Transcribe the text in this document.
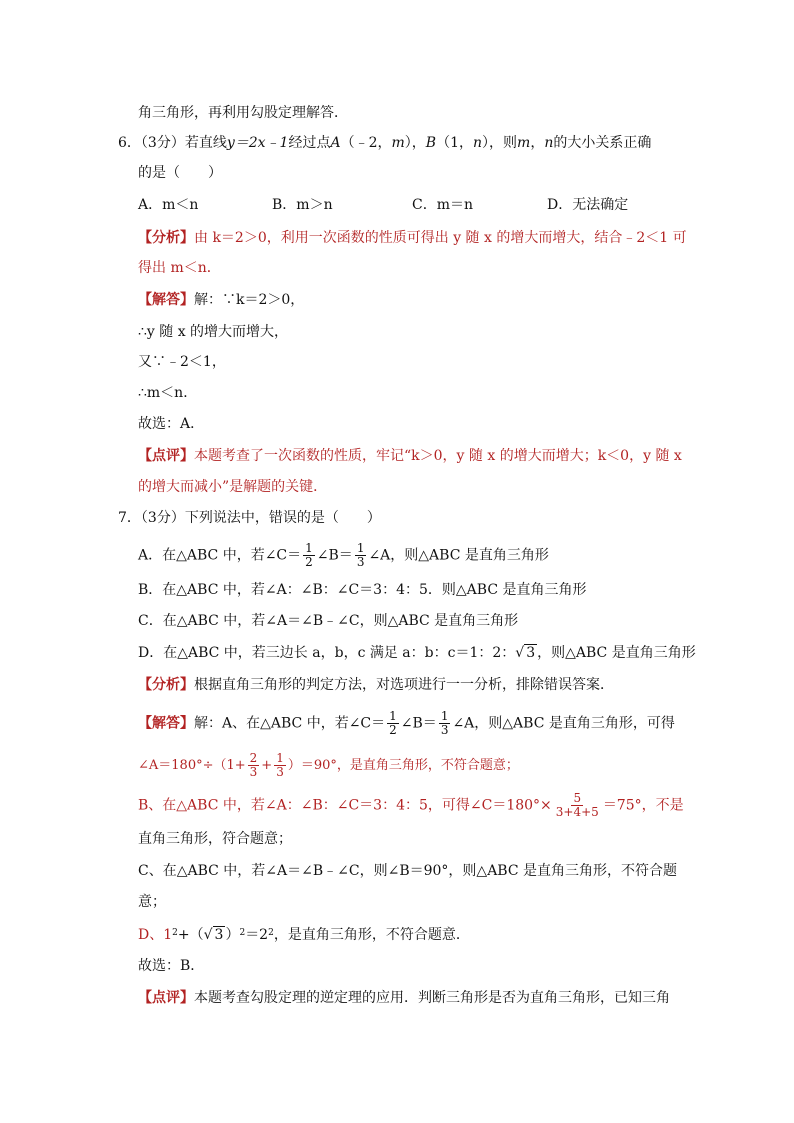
角三角形，再利用勾股定理解答．
6．（3分）若直线y＝2x﹣1经过点A（﹣2，m），B（1，n），则m，n的大小关系正确
的是（　　）
A．m＜n	B．m＞n	C．m＝n	D．无法确定
【分析】由 k＝2＞0，利用一次函数的性质可得出 y 随 x 的增大而增大，结合﹣2＜1 可
得出 m＜n．
【解答】解：∵k＝2＞0，
∴y 随 x 的增大而增大，
又∵﹣2＜1，
∴m＜n．
故选：A．
【点评】本题考查了一次函数的性质，牢记“k＞0，y 随 x 的增大而增大；k＜0，y 随 x
的增大而减小”是解题的关键．
7．（3分）下列说法中，错误的是（　　）
A．在△ABC 中，若∠C＝ $\frac{1}{2}$ ∠B＝ $\frac{1}{3}$ ∠A，则△ABC 是直角三角形
B．在△ABC 中，若∠A：∠B：∠C＝3：4：5．则△ABC 是直角三角形
C．在△ABC 中，若∠A＝∠B﹣∠C，则△ABC 是直角三角形
D．在△ABC 中，若三边长 a，b，c 满足 a：b：c＝1：2：√ 3 ，则△ABC 是直角三角形
【分析】根据直角三角形的判定方法，对选项进行一一分析，排除错误答案．
【解答】解：A、在△ABC 中，若∠C＝ $\frac{1}{2}$ ∠B＝ $\frac{1}{3}$ ∠A，则△ABC 是直角三角形，可得
∠A＝180°÷（1+ $\frac{2}{3} + \frac{1}{3} )=90^\circ$，是直角三角形，不符合题意；
B、在△ABC 中，若∠A：∠B：∠C＝3：4：5，可得∠C＝180°× $\frac{5}{3+4+5} =75^\circ$，不是
直角三角形，符合题意；
C、在△ABC 中，若∠A＝∠B﹣∠C，则∠B＝90°，则△ABC 是直角三角形，不符合题
意；
D、$1^2+(√$ 3 ）$^2=2^2$，是直角三角形，不符合题意．
故选：B．
【点评】本题考查勾股定理的逆定理的应用．判断三角形是否为直角三角形，已知三角
